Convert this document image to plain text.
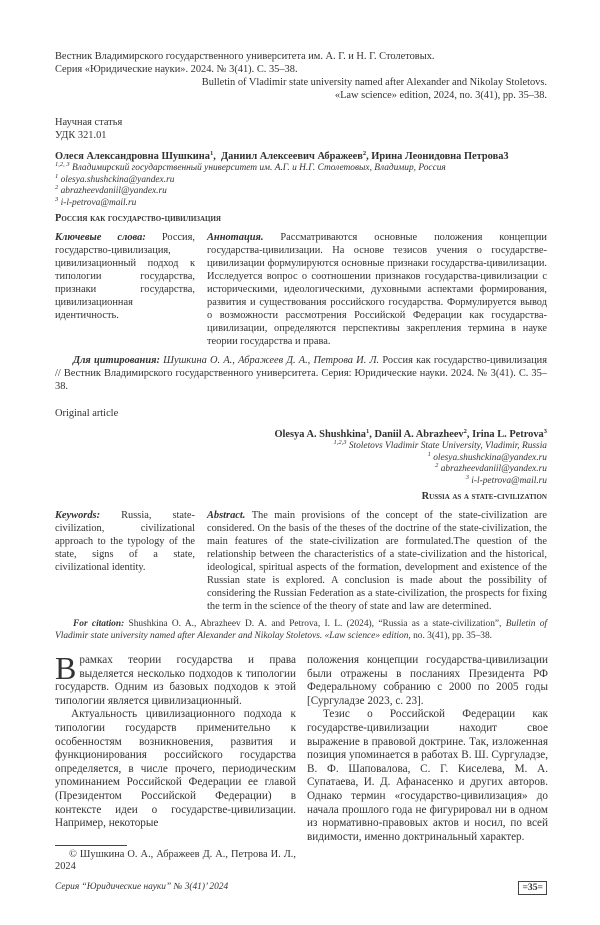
Вестник Владимирского государственного университета им. А. Г. и Н. Г. Столетовых.
Серия «Юридические науки». 2024. № 3(41). С. 35–38.
Bulletin of Vladimir state university named after Alexander and Nikolay Stoletovs.
«Law science» edition, 2024, no. 3(41), pp. 35–38.
Научная статья
УДК 321.01
Олеся Александровна Шушкина1,  Даниил Алексеевич Абражеев2, Ирина Леонидовна Петрова3
1,2, 3 Владимирский государственный университет им. А.Г. и Н.Г. Столетовых, Владимир, Россия
1 olesya.shushckina@yandex.ru
2 abrazheevdaniil@yandex.ru
3 i-l-petrova@mail.ru
Россия как государство-цивилизация
Ключевые слова: Россия, государство-цивилизация, цивилизационный подход к типологии государства, признаки государства, цивилизационная идентичность.
Аннотация. Рассматриваются основные положения концепции государства-цивилизации. На основе тезисов учения о государстве-цивилизации формулируются основные признаки государства-цивилизации. Исследуется вопрос о соотношении признаков государства-цивилизации с историческими, идеологическими, духовными аспектами формирования, развития и существования российского государства. Формулируется вывод о возможности рассмотрения Российской Федерации как государства-цивилизации, определяются перспективы закрепления термина в науке теории государства и права.
Для цитирования: Шушкина О. А., Абражеев Д. А., Петрова И. Л. Россия как государство-цивилизация // Вестник Владимирского государственного университета. Серия: Юридические науки. 2024. № 3(41). С. 35–38.
Original article
Olesya A. Shushkina1, Daniil A. Abrazheev2, Irina L. Petrova3
1,2,3 Stoletovs Vladimir State University, Vladimir, Russia
1 olesya.shushckina@yandex.ru
2 abrazheevdaniil@yandex.ru
3 i-l-petrova@mail.ru
Russia as a state-civilization
Keywords: Russia, state-civilization, civilizational approach to the typology of the state, signs of a state, civilizational identity.
Abstract. The main provisions of the concept of the state-civilization are considered. On the basis of the theses of the doctrine of the state-civilization, the main features of the state-civilization are formulated.The question of the relationship between the characteristics of a state-civilization and the historical, ideological, spiritual aspects of the formation, development and existence of the Russian state is explored. A conclusion is made about the possibility of considering the Russian Federation as a state-civilization, the prospects for fixing the term in the science of the theory of state and law are determined.
For citation: Shushkina O. A., Abrazheev D. A. and Petrova, I. L. (2024), “Russia as a state-civilization”, Bulletin of Vladimir state university named after Alexander and Nikolay Stoletovs. «Law science» edition, no. 3(41), pp. 35–38.

В рамках теории государства и права выделяется несколько подходов к типологии государств. Одним из базовых подходов к этой типологии является цивилизационный.

Актуальность цивилизационного подхода к типологии государств применительно к особенностям возникновения, развития и функционирования российского государства определяется, в числе прочего, периодическим упоминанием Российской Федерации ее главой (Президентом Российской Федерации) в контексте идеи о государстве-цивилизации. Например, некоторые

© Шушкина О. А., Абражеев Д. А., Петрова И. Л., 2024

положения концепции государства-цивилизации были отражены в посланиях Президента РФ Федеральному собранию с 2000 по 2005 годы [Сургуладзе 2023, с. 23].

Тезис о Российской Федерации как государстве-цивилизации находит свое выражение в правовой доктрине. Так, изложенная позиция упоминается в работах В. Ш. Сургуладзе, В. Ф. Шаповалова, С. Г. Киселева, М. А. Супатаева, И. Д. Афанасенко и других авторов. Однако термин «государство-цивилизация» до начала прошлого года не фигурировал ни в одном из нормативно-правовых актов и носил, по всей видимости, именно доктринальный характер.

Серия “Юридические науки” № 3(41)’ 2024	=35=
